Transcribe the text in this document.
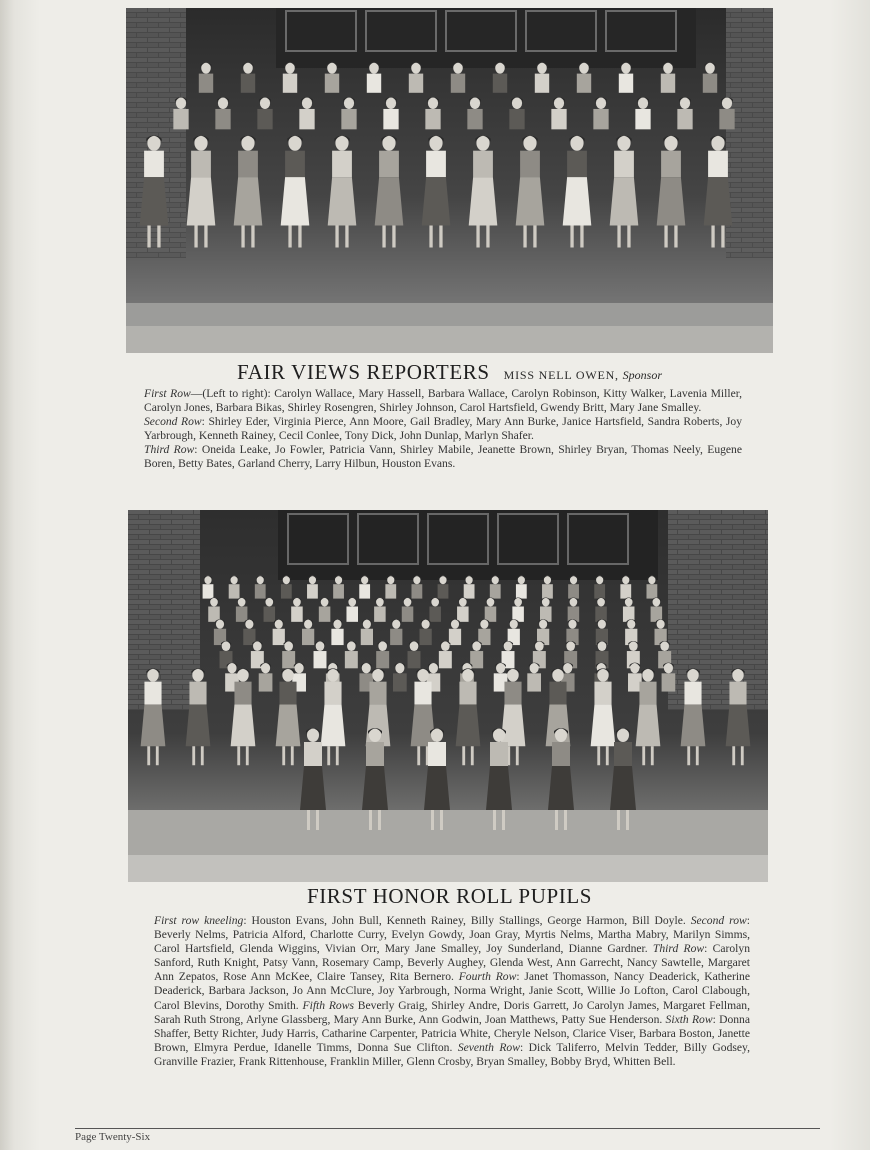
FAIR VIEWS REPORTERS MISS NELL OWEN, Sponsor
First Row—(Left to right): Carolyn Wallace, Mary Hassell, Barbara Wallace, Carolyn Robinson, Kitty Walker, Lavenia Miller, Carolyn Jones, Barbara Bikas, Shirley Rosengren, Shirley Johnson, Carol Hartsfield, Gwendy Britt, Mary Jane Smalley.
Second Row: Shirley Eder, Virginia Pierce, Ann Moore, Gail Bradley, Mary Ann Burke, Janice Hartsfield, Sandra Roberts, Joy Yarbrough, Kenneth Rainey, Cecil Conlee, Tony Dick, John Dunlap, Marlyn Shafer.
Third Row: Oneida Leake, Jo Fowler, Patricia Vann, Shirley Mabile, Jeanette Brown, Shirley Bryan, Thomas Neely, Eugene Boren, Betty Bates, Garland Cherry, Larry Hilbun, Houston Evans.
FIRST HONOR ROLL PUPILS
First row kneeling: Houston Evans, John Bull, Kenneth Rainey, Billy Stallings, George Harmon, Bill Doyle. Second row: Beverly Nelms, Patricia Alford, Charlotte Curry, Evelyn Gowdy, Joan Gray, Myrtis Nelms, Martha Mabry, Marilyn Simms, Carol Hartsfield, Glenda Wiggins, Vivian Orr, Mary Jane Smalley, Joy Sunderland, Dianne Gardner. Third Row: Carolyn Sanford, Ruth Knight, Patsy Vann, Rosemary Camp, Beverly Aughey, Glenda West, Ann Garrecht, Nancy Sawtelle, Margaret Ann Zepatos, Rose Ann McKee, Claire Tansey, Rita Bernero. Fourth Row: Janet Thomasson, Nancy Deaderick, Katherine Deaderick, Barbara Jackson, Jo Ann McClure, Joy Yarbrough, Norma Wright, Janie Scott, Willie Jo Lofton, Carol Clabough, Carol Blevins, Dorothy Smith. Fifth Rows Beverly Graig, Shirley Andre, Doris Garrett, Jo Carolyn James, Margaret Fellman, Sarah Ruth Strong, Arlyne Glassberg, Mary Ann Burke, Ann Godwin, Joan Matthews, Patty Sue Henderson. Sixth Row: Donna Shaffer, Betty Richter, Judy Harris, Catharine Carpenter, Patricia White, Cheryle Nelson, Clarice Viser, Barbara Boston, Janette Brown, Elmyra Perdue, Idanelle Timms, Donna Sue Clifton. Seventh Row: Dick Taliferro, Melvin Tedder, Billy Godsey, Granville Frazier, Frank Rittenhouse, Franklin Miller, Glenn Crosby, Bryan Smalley, Bobby Bryd, Whitten Bell.
Page Twenty-Six
